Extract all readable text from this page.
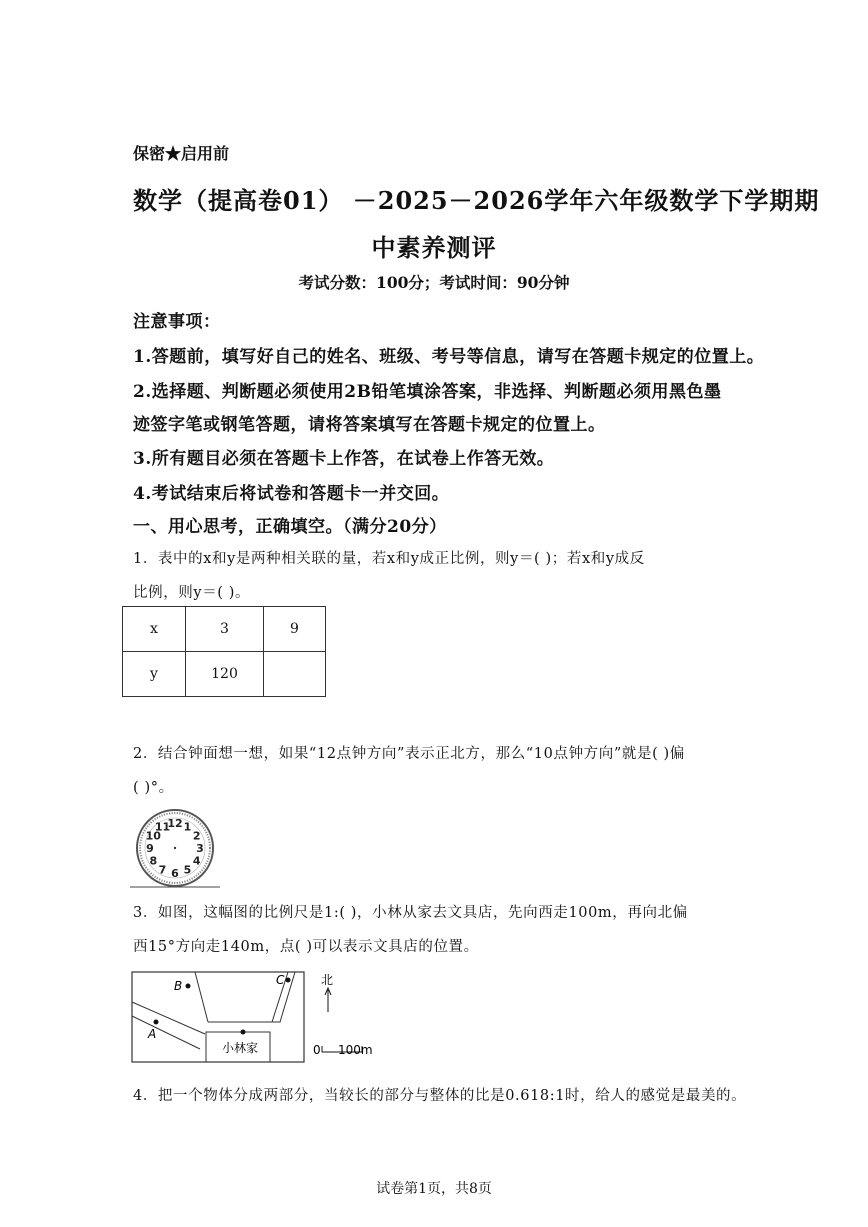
保密★启用前
数学（提高卷01） －2025－2026学年六年级数学下学期期
中素养测评
考试分数：100分；考试时间：90分钟
注意事项：
1.答题前，填写好自己的姓名、班级、考号等信息，请写在答题卡规定的位置上。
2.选择题、判断题必须使用2B铅笔填涂答案，非选择、判断题必须用黑色墨
迹签字笔或钢笔答题，请将答案填写在答题卡规定的位置上。
3.所有题目必须在答题卡上作答，在试卷上作答无效。
4.考试结束后将试卷和答题卡一并交回。
一、用心思考，正确填空。（满分20分）
1．表中的x和y是两种相关联的量，若x和y成正比例，则y＝( )；若x和y成反
比例，则y＝( )。
x	3	9
y	120	
2．结合钟面想一想，如果“12点钟方向”表示正北方，那么“10点钟方向”就是( )偏
( )°。
12 1
2
3
4
5
6
7
8
9
10
11
3．如图，这幅图的比例尺是1:( )，小林从家去文具店，先向西走100m，再向北偏
西15°方向走140m，点( )可以表示文具店的位置。
B	C
A
小林家
北
0 100m
4．把一个物体分成两部分，当较长的部分与整体的比是0.618:1时，给人的感觉是最美的。
试卷第1页，共8页
